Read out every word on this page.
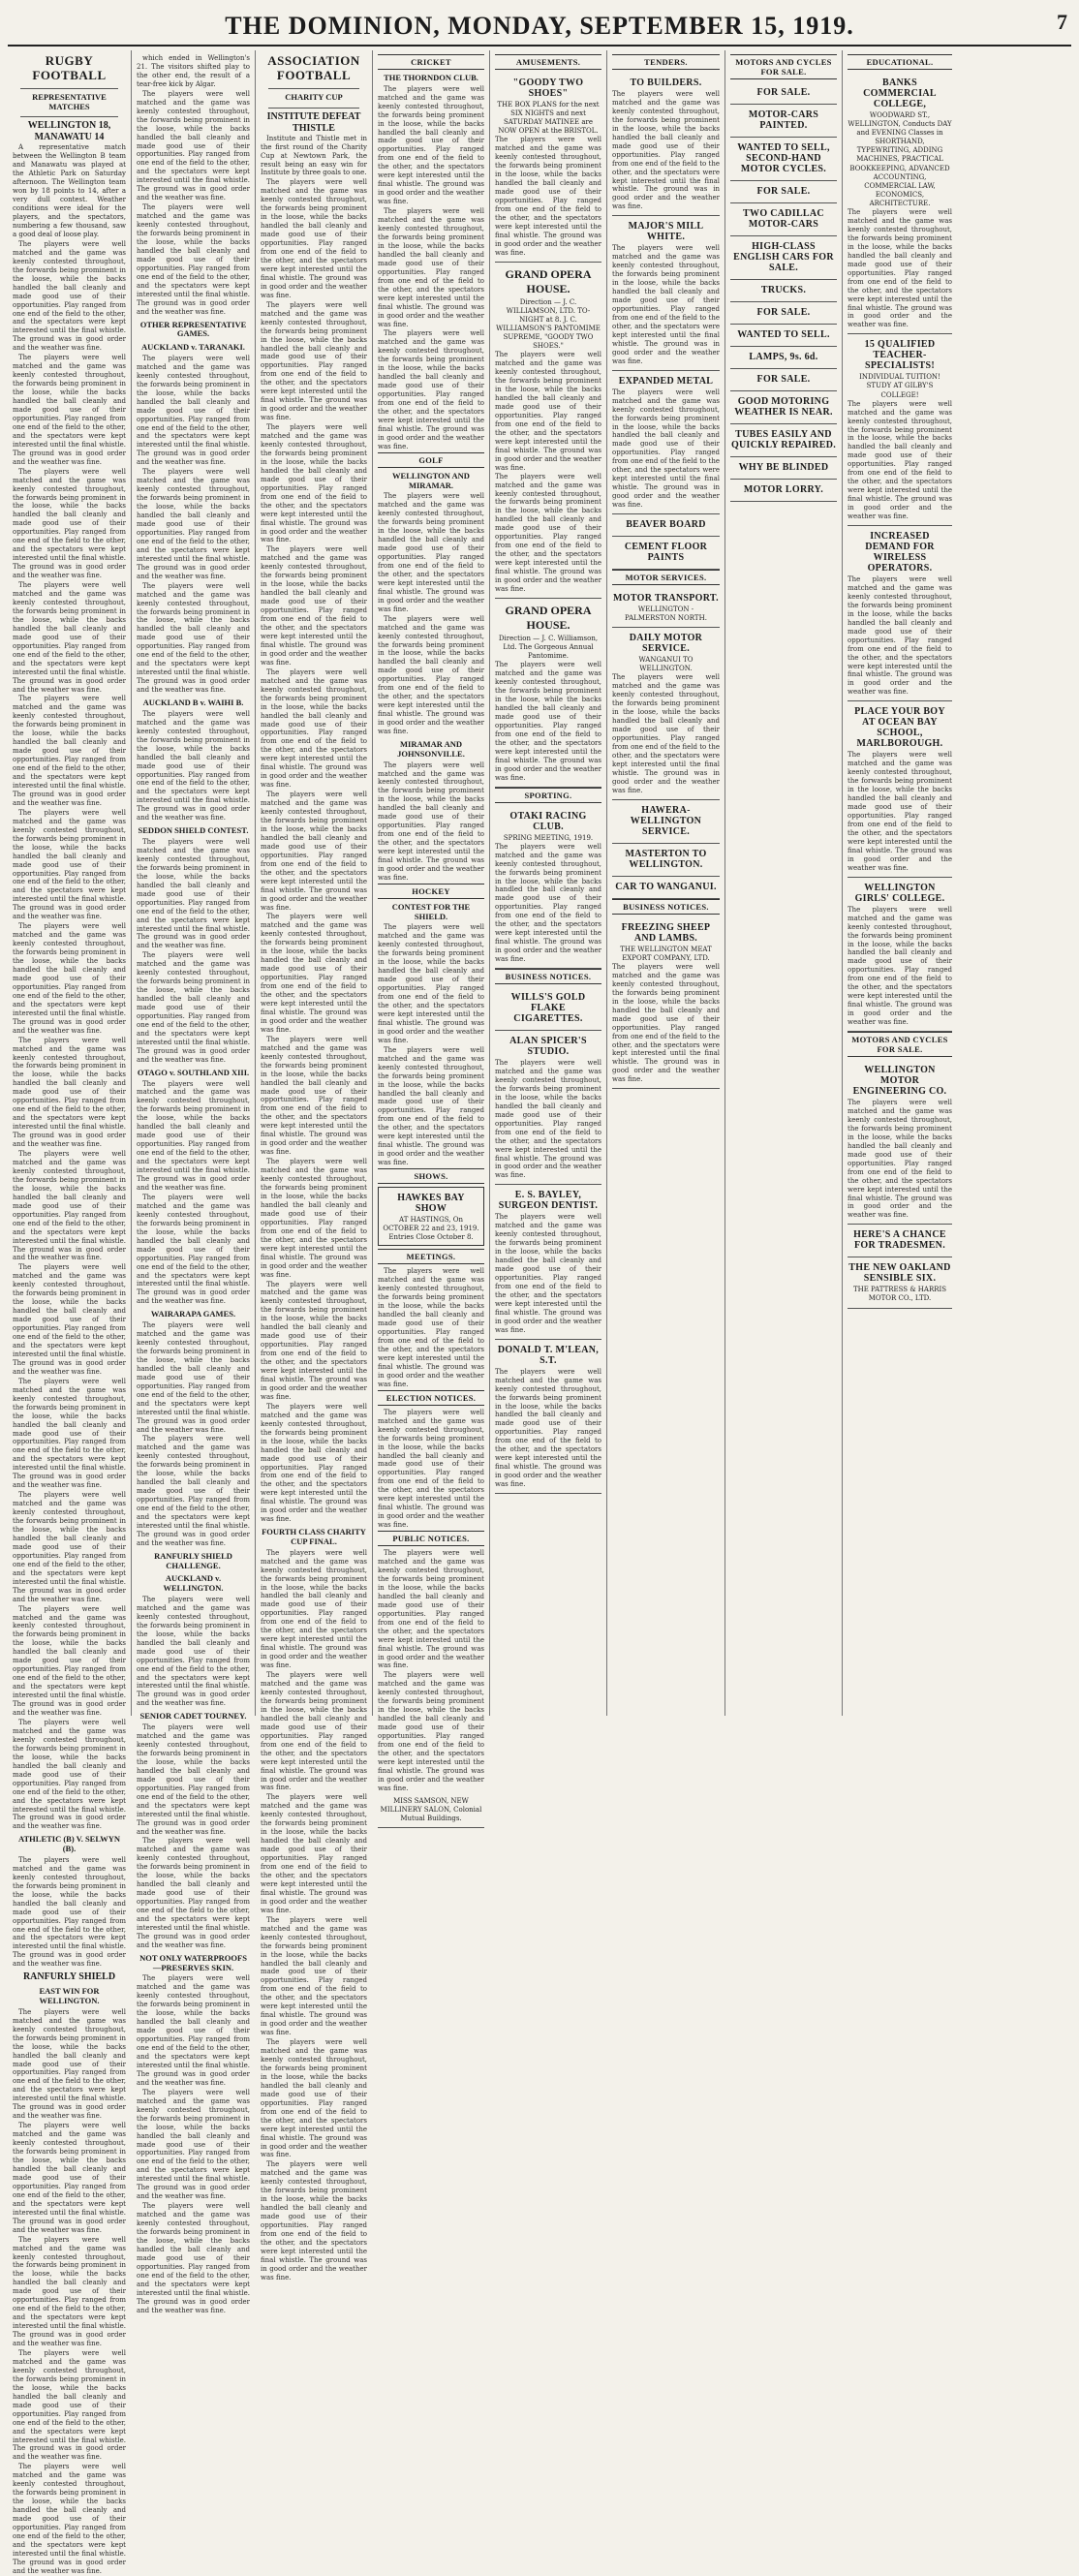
THE DOMINION, MONDAY, SEPTEMBER 15, 1919.	7
RUGBY FOOTBALL
REPRESENTATIVE MATCHES
WELLINGTON 18, MANAWATU 14

A representative match between the Wellington B team and Manawatu was played at the Athletic Park on Saturday afternoon. The Wellington team won by 18 points to 14, after a very dull contest. Weather conditions were ideal for the players, and the spectators, numbering a few thousand, saw a good deal of loose play.

The players were well matched and the game was keenly contested throughout, the forwards being prominent in the loose, while the backs handled the ball cleanly and made good use of their opportunities. Play ranged from one end of the field to the other, and the spectators were kept interested until the final whistle. The ground was in good order and the weather was fine.

The players were well matched and the game was keenly contested throughout, the forwards being prominent in the loose, while the backs handled the ball cleanly and made good use of their opportunities. Play ranged from one end of the field to the other, and the spectators were kept interested until the final whistle. The ground was in good order and the weather was fine.

The players were well matched and the game was keenly contested throughout, the forwards being prominent in the loose, while the backs handled the ball cleanly and made good use of their opportunities. Play ranged from one end of the field to the other, and the spectators were kept interested until the final whistle. The ground was in good order and the weather was fine.

The players were well matched and the game was keenly contested throughout, the forwards being prominent in the loose, while the backs handled the ball cleanly and made good use of their opportunities. Play ranged from one end of the field to the other, and the spectators were kept interested until the final whistle. The ground was in good order and the weather was fine.

The players were well matched and the game was keenly contested throughout, the forwards being prominent in the loose, while the backs handled the ball cleanly and made good use of their opportunities. Play ranged from one end of the field to the other, and the spectators were kept interested until the final whistle. The ground was in good order and the weather was fine.

The players were well matched and the game was keenly contested throughout, the forwards being prominent in the loose, while the backs handled the ball cleanly and made good use of their opportunities. Play ranged from one end of the field to the other, and the spectators were kept interested until the final whistle. The ground was in good order and the weather was fine.

The players were well matched and the game was keenly contested throughout, the forwards being prominent in the loose, while the backs handled the ball cleanly and made good use of their opportunities. Play ranged from one end of the field to the other, and the spectators were kept interested until the final whistle. The ground was in good order and the weather was fine.

The players were well matched and the game was keenly contested throughout, the forwards being prominent in the loose, while the backs handled the ball cleanly and made good use of their opportunities. Play ranged from one end of the field to the other, and the spectators were kept interested until the final whistle. The ground was in good order and the weather was fine.

The players were well matched and the game was keenly contested throughout, the forwards being prominent in the loose, while the backs handled the ball cleanly and made good use of their opportunities. Play ranged from one end of the field to the other, and the spectators were kept interested until the final whistle. The ground was in good order and the weather was fine.

The players were well matched and the game was keenly contested throughout, the forwards being prominent in the loose, while the backs handled the ball cleanly and made good use of their opportunities. Play ranged from one end of the field to the other, and the spectators were kept interested until the final whistle. The ground was in good order and the weather was fine.

The players were well matched and the game was keenly contested throughout, the forwards being prominent in the loose, while the backs handled the ball cleanly and made good use of their opportunities. Play ranged from one end of the field to the other, and the spectators were kept interested until the final whistle. The ground was in good order and the weather was fine.

The players were well matched and the game was keenly contested throughout, the forwards being prominent in the loose, while the backs handled the ball cleanly and made good use of their opportunities. Play ranged from one end of the field to the other, and the spectators were kept interested until the final whistle. The ground was in good order and the weather was fine.

The players were well matched and the game was keenly contested throughout, the forwards being prominent in the loose, while the backs handled the ball cleanly and made good use of their opportunities. Play ranged from one end of the field to the other, and the spectators were kept interested until the final whistle. The ground was in good order and the weather was fine.

The players were well matched and the game was keenly contested throughout, the forwards being prominent in the loose, while the backs handled the ball cleanly and made good use of their opportunities. Play ranged from one end of the field to the other, and the spectators were kept interested until the final whistle. The ground was in good order and the weather was fine.

ATHLETIC (B) V. SELWYN (B).

The players were well matched and the game was keenly contested throughout, the forwards being prominent in the loose, while the backs handled the ball cleanly and made good use of their opportunities. Play ranged from one end of the field to the other, and the spectators were kept interested until the final whistle. The ground was in good order and the weather was fine.

RANFURLY SHIELD
EAST WIN FOR WELLINGTON.

The players were well matched and the game was keenly contested throughout, the forwards being prominent in the loose, while the backs handled the ball cleanly and made good use of their opportunities. Play ranged from one end of the field to the other, and the spectators were kept interested until the final whistle. The ground was in good order and the weather was fine.

The players were well matched and the game was keenly contested throughout, the forwards being prominent in the loose, while the backs handled the ball cleanly and made good use of their opportunities. Play ranged from one end of the field to the other, and the spectators were kept interested until the final whistle. The ground was in good order and the weather was fine.

The players were well matched and the game was keenly contested throughout, the forwards being prominent in the loose, while the backs handled the ball cleanly and made good use of their opportunities. Play ranged from one end of the field to the other, and the spectators were kept interested until the final whistle. The ground was in good order and the weather was fine.

The players were well matched and the game was keenly contested throughout, the forwards being prominent in the loose, while the backs handled the ball cleanly and made good use of their opportunities. Play ranged from one end of the field to the other, and the spectators were kept interested until the final whistle. The ground was in good order and the weather was fine.

The players were well matched and the game was keenly contested throughout, the forwards being prominent in the loose, while the backs handled the ball cleanly and made good use of their opportunities. Play ranged from one end of the field to the other, and the spectators were kept interested until the final whistle. The ground was in good order and the weather was fine.

which ended in Wellington's 21. The visitors shifted play to the other end, the result of a tear-free kick by Algar.

The players were well matched and the game was keenly contested throughout, the forwards being prominent in the loose, while the backs handled the ball cleanly and made good use of their opportunities. Play ranged from one end of the field to the other, and the spectators were kept interested until the final whistle. The ground was in good order and the weather was fine.

The players were well matched and the game was keenly contested throughout, the forwards being prominent in the loose, while the backs handled the ball cleanly and made good use of their opportunities. Play ranged from one end of the field to the other, and the spectators were kept interested until the final whistle. The ground was in good order and the weather was fine.

OTHER REPRESENTATIVE GAMES.
AUCKLAND v. TARANAKI.

The players were well matched and the game was keenly contested throughout, the forwards being prominent in the loose, while the backs handled the ball cleanly and made good use of their opportunities. Play ranged from one end of the field to the other, and the spectators were kept interested until the final whistle. The ground was in good order and the weather was fine.

The players were well matched and the game was keenly contested throughout, the forwards being prominent in the loose, while the backs handled the ball cleanly and made good use of their opportunities. Play ranged from one end of the field to the other, and the spectators were kept interested until the final whistle. The ground was in good order and the weather was fine.

The players were well matched and the game was keenly contested throughout, the forwards being prominent in the loose, while the backs handled the ball cleanly and made good use of their opportunities. Play ranged from one end of the field to the other, and the spectators were kept interested until the final whistle. The ground was in good order and the weather was fine.

AUCKLAND B v. WAIHI B.

The players were well matched and the game was keenly contested throughout, the forwards being prominent in the loose, while the backs handled the ball cleanly and made good use of their opportunities. Play ranged from one end of the field to the other, and the spectators were kept interested until the final whistle. The ground was in good order and the weather was fine.

SEDDON SHIELD CONTEST.

The players were well matched and the game was keenly contested throughout, the forwards being prominent in the loose, while the backs handled the ball cleanly and made good use of their opportunities. Play ranged from one end of the field to the other, and the spectators were kept interested until the final whistle. The ground was in good order and the weather was fine.

The players were well matched and the game was keenly contested throughout, the forwards being prominent in the loose, while the backs handled the ball cleanly and made good use of their opportunities. Play ranged from one end of the field to the other, and the spectators were kept interested until the final whistle. The ground was in good order and the weather was fine.

OTAGO v. SOUTHLAND XIII.

The players were well matched and the game was keenly contested throughout, the forwards being prominent in the loose, while the backs handled the ball cleanly and made good use of their opportunities. Play ranged from one end of the field to the other, and the spectators were kept interested until the final whistle. The ground was in good order and the weather was fine.

The players were well matched and the game was keenly contested throughout, the forwards being prominent in the loose, while the backs handled the ball cleanly and made good use of their opportunities. Play ranged from one end of the field to the other, and the spectators were kept interested until the final whistle. The ground was in good order and the weather was fine.

WAIRARAPA GAMES.

The players were well matched and the game was keenly contested throughout, the forwards being prominent in the loose, while the backs handled the ball cleanly and made good use of their opportunities. Play ranged from one end of the field to the other, and the spectators were kept interested until the final whistle. The ground was in good order and the weather was fine.

The players were well matched and the game was keenly contested throughout, the forwards being prominent in the loose, while the backs handled the ball cleanly and made good use of their opportunities. Play ranged from one end of the field to the other, and the spectators were kept interested until the final whistle. The ground was in good order and the weather was fine.

RANFURLY SHIELD CHALLENGE.
AUCKLAND v. WELLINGTON.

The players were well matched and the game was keenly contested throughout, the forwards being prominent in the loose, while the backs handled the ball cleanly and made good use of their opportunities. Play ranged from one end of the field to the other, and the spectators were kept interested until the final whistle. The ground was in good order and the weather was fine.

SENIOR CADET TOURNEY.

The players were well matched and the game was keenly contested throughout, the forwards being prominent in the loose, while the backs handled the ball cleanly and made good use of their opportunities. Play ranged from one end of the field to the other, and the spectators were kept interested until the final whistle. The ground was in good order and the weather was fine.

The players were well matched and the game was keenly contested throughout, the forwards being prominent in the loose, while the backs handled the ball cleanly and made good use of their opportunities. Play ranged from one end of the field to the other, and the spectators were kept interested until the final whistle. The ground was in good order and the weather was fine.

NOT ONLY WATERPROOFS—PRESERVES SKIN.

The players were well matched and the game was keenly contested throughout, the forwards being prominent in the loose, while the backs handled the ball cleanly and made good use of their opportunities. Play ranged from one end of the field to the other, and the spectators were kept interested until the final whistle. The ground was in good order and the weather was fine.

The players were well matched and the game was keenly contested throughout, the forwards being prominent in the loose, while the backs handled the ball cleanly and made good use of their opportunities. Play ranged from one end of the field to the other, and the spectators were kept interested until the final whistle. The ground was in good order and the weather was fine.

The players were well matched and the game was keenly contested throughout, the forwards being prominent in the loose, while the backs handled the ball cleanly and made good use of their opportunities. Play ranged from one end of the field to the other, and the spectators were kept interested until the final whistle. The ground was in good order and the weather was fine.

ASSOCIATION FOOTBALL
CHARITY CUP
INSTITUTE DEFEAT THISTLE

Institute and Thistle met in the first round of the Charity Cup at Newtown Park, the result being an easy win for Institute by three goals to one.

The players were well matched and the game was keenly contested throughout, the forwards being prominent in the loose, while the backs handled the ball cleanly and made good use of their opportunities. Play ranged from one end of the field to the other, and the spectators were kept interested until the final whistle. The ground was in good order and the weather was fine.

The players were well matched and the game was keenly contested throughout, the forwards being prominent in the loose, while the backs handled the ball cleanly and made good use of their opportunities. Play ranged from one end of the field to the other, and the spectators were kept interested until the final whistle. The ground was in good order and the weather was fine.

The players were well matched and the game was keenly contested throughout, the forwards being prominent in the loose, while the backs handled the ball cleanly and made good use of their opportunities. Play ranged from one end of the field to the other, and the spectators were kept interested until the final whistle. The ground was in good order and the weather was fine.

The players were well matched and the game was keenly contested throughout, the forwards being prominent in the loose, while the backs handled the ball cleanly and made good use of their opportunities. Play ranged from one end of the field to the other, and the spectators were kept interested until the final whistle. The ground was in good order and the weather was fine.

The players were well matched and the game was keenly contested throughout, the forwards being prominent in the loose, while the backs handled the ball cleanly and made good use of their opportunities. Play ranged from one end of the field to the other, and the spectators were kept interested until the final whistle. The ground was in good order and the weather was fine.

The players were well matched and the game was keenly contested throughout, the forwards being prominent in the loose, while the backs handled the ball cleanly and made good use of their opportunities. Play ranged from one end of the field to the other, and the spectators were kept interested until the final whistle. The ground was in good order and the weather was fine.

The players were well matched and the game was keenly contested throughout, the forwards being prominent in the loose, while the backs handled the ball cleanly and made good use of their opportunities. Play ranged from one end of the field to the other, and the spectators were kept interested until the final whistle. The ground was in good order and the weather was fine.

The players were well matched and the game was keenly contested throughout, the forwards being prominent in the loose, while the backs handled the ball cleanly and made good use of their opportunities. Play ranged from one end of the field to the other, and the spectators were kept interested until the final whistle. The ground was in good order and the weather was fine.

The players were well matched and the game was keenly contested throughout, the forwards being prominent in the loose, while the backs handled the ball cleanly and made good use of their opportunities. Play ranged from one end of the field to the other, and the spectators were kept interested until the final whistle. The ground was in good order and the weather was fine.

The players were well matched and the game was keenly contested throughout, the forwards being prominent in the loose, while the backs handled the ball cleanly and made good use of their opportunities. Play ranged from one end of the field to the other, and the spectators were kept interested until the final whistle. The ground was in good order and the weather was fine.

The players were well matched and the game was keenly contested throughout, the forwards being prominent in the loose, while the backs handled the ball cleanly and made good use of their opportunities. Play ranged from one end of the field to the other, and the spectators were kept interested until the final whistle. The ground was in good order and the weather was fine.

FOURTH CLASS CHARITY CUP FINAL.

The players were well matched and the game was keenly contested throughout, the forwards being prominent in the loose, while the backs handled the ball cleanly and made good use of their opportunities. Play ranged from one end of the field to the other, and the spectators were kept interested until the final whistle. The ground was in good order and the weather was fine.

The players were well matched and the game was keenly contested throughout, the forwards being prominent in the loose, while the backs handled the ball cleanly and made good use of their opportunities. Play ranged from one end of the field to the other, and the spectators were kept interested until the final whistle. The ground was in good order and the weather was fine.

The players were well matched and the game was keenly contested throughout, the forwards being prominent in the loose, while the backs handled the ball cleanly and made good use of their opportunities. Play ranged from one end of the field to the other, and the spectators were kept interested until the final whistle. The ground was in good order and the weather was fine.

The players were well matched and the game was keenly contested throughout, the forwards being prominent in the loose, while the backs handled the ball cleanly and made good use of their opportunities. Play ranged from one end of the field to the other, and the spectators were kept interested until the final whistle. The ground was in good order and the weather was fine.

The players were well matched and the game was keenly contested throughout, the forwards being prominent in the loose, while the backs handled the ball cleanly and made good use of their opportunities. Play ranged from one end of the field to the other, and the spectators were kept interested until the final whistle. The ground was in good order and the weather was fine.

The players were well matched and the game was keenly contested throughout, the forwards being prominent in the loose, while the backs handled the ball cleanly and made good use of their opportunities. Play ranged from one end of the field to the other, and the spectators were kept interested until the final whistle. The ground was in good order and the weather was fine.

CRICKET
THE THORNDON CLUB.

The players were well matched and the game was keenly contested throughout, the forwards being prominent in the loose, while the backs handled the ball cleanly and made good use of their opportunities. Play ranged from one end of the field to the other, and the spectators were kept interested until the final whistle. The ground was in good order and the weather was fine.

The players were well matched and the game was keenly contested throughout, the forwards being prominent in the loose, while the backs handled the ball cleanly and made good use of their opportunities. Play ranged from one end of the field to the other, and the spectators were kept interested until the final whistle. The ground was in good order and the weather was fine.

The players were well matched and the game was keenly contested throughout, the forwards being prominent in the loose, while the backs handled the ball cleanly and made good use of their opportunities. Play ranged from one end of the field to the other, and the spectators were kept interested until the final whistle. The ground was in good order and the weather was fine.

GOLF
WELLINGTON AND MIRAMAR.

The players were well matched and the game was keenly contested throughout, the forwards being prominent in the loose, while the backs handled the ball cleanly and made good use of their opportunities. Play ranged from one end of the field to the other, and the spectators were kept interested until the final whistle. The ground was in good order and the weather was fine.

The players were well matched and the game was keenly contested throughout, the forwards being prominent in the loose, while the backs handled the ball cleanly and made good use of their opportunities. Play ranged from one end of the field to the other, and the spectators were kept interested until the final whistle. The ground was in good order and the weather was fine.

MIRAMAR AND JOHNSONVILLE.

The players were well matched and the game was keenly contested throughout, the forwards being prominent in the loose, while the backs handled the ball cleanly and made good use of their opportunities. Play ranged from one end of the field to the other, and the spectators were kept interested until the final whistle. The ground was in good order and the weather was fine.

HOCKEY
CONTEST FOR THE SHIELD.

The players were well matched and the game was keenly contested throughout, the forwards being prominent in the loose, while the backs handled the ball cleanly and made good use of their opportunities. Play ranged from one end of the field to the other, and the spectators were kept interested until the final whistle. The ground was in good order and the weather was fine.

The players were well matched and the game was keenly contested throughout, the forwards being prominent in the loose, while the backs handled the ball cleanly and made good use of their opportunities. Play ranged from one end of the field to the other, and the spectators were kept interested until the final whistle. The ground was in good order and the weather was fine.

SHOWS.
HAWKES BAY SHOW
AT HASTINGS, On OCTOBER 22 and 23, 1919. Entries Close October 8.
MEETINGS.

The players were well matched and the game was keenly contested throughout, the forwards being prominent in the loose, while the backs handled the ball cleanly and made good use of their opportunities. Play ranged from one end of the field to the other, and the spectators were kept interested until the final whistle. The ground was in good order and the weather was fine.

ELECTION NOTICES.

The players were well matched and the game was keenly contested throughout, the forwards being prominent in the loose, while the backs handled the ball cleanly and made good use of their opportunities. Play ranged from one end of the field to the other, and the spectators were kept interested until the final whistle. The ground was in good order and the weather was fine.

PUBLIC NOTICES.

The players were well matched and the game was keenly contested throughout, the forwards being prominent in the loose, while the backs handled the ball cleanly and made good use of their opportunities. Play ranged from one end of the field to the other, and the spectators were kept interested until the final whistle. The ground was in good order and the weather was fine.

The players were well matched and the game was keenly contested throughout, the forwards being prominent in the loose, while the backs handled the ball cleanly and made good use of their opportunities. Play ranged from one end of the field to the other, and the spectators were kept interested until the final whistle. The ground was in good order and the weather was fine.

MISS SAMSON, NEW MILLINERY SALON, Colonial Mutual Buildings.
AMUSEMENTS.
"GOODY TWO SHOES"
THE BOX PLANS for the next SIX NIGHTS and next SATURDAY MATINEE are NOW OPEN at the BRISTOL.
The players were well matched and the game was keenly contested throughout, the forwards being prominent in the loose, while the backs handled the ball cleanly and made good use of their opportunities. Play ranged from one end of the field to the other, and the spectators were kept interested until the final whistle. The ground was in good order and the weather was fine.
GRAND OPERA HOUSE.
Direction — J. C. WILLIAMSON, LTD. TO-NIGHT at 8. J. C. WILLIAMSON'S PANTOMIME SUPREME, "GOODY TWO SHOES."
The players were well matched and the game was keenly contested throughout, the forwards being prominent in the loose, while the backs handled the ball cleanly and made good use of their opportunities. Play ranged from one end of the field to the other, and the spectators were kept interested until the final whistle. The ground was in good order and the weather was fine.
The players were well matched and the game was keenly contested throughout, the forwards being prominent in the loose, while the backs handled the ball cleanly and made good use of their opportunities. Play ranged from one end of the field to the other, and the spectators were kept interested until the final whistle. The ground was in good order and the weather was fine.
GRAND OPERA HOUSE.
Direction — J. C. Williamson, Ltd. The Gorgeous Annual Pantomime.
The players were well matched and the game was keenly contested throughout, the forwards being prominent in the loose, while the backs handled the ball cleanly and made good use of their opportunities. Play ranged from one end of the field to the other, and the spectators were kept interested until the final whistle. The ground was in good order and the weather was fine.
SPORTING.
OTAKI RACING CLUB.
SPRING MEETING, 1919.
The players were well matched and the game was keenly contested throughout, the forwards being prominent in the loose, while the backs handled the ball cleanly and made good use of their opportunities. Play ranged from one end of the field to the other, and the spectators were kept interested until the final whistle. The ground was in good order and the weather was fine.
BUSINESS NOTICES.
WILLS'S GOLD FLAKE CIGARETTES.
ALAN SPICER'S STUDIO.
The players were well matched and the game was keenly contested throughout, the forwards being prominent in the loose, while the backs handled the ball cleanly and made good use of their opportunities. Play ranged from one end of the field to the other, and the spectators were kept interested until the final whistle. The ground was in good order and the weather was fine.
E. S. BAYLEY, SURGEON DENTIST.
The players were well matched and the game was keenly contested throughout, the forwards being prominent in the loose, while the backs handled the ball cleanly and made good use of their opportunities. Play ranged from one end of the field to the other, and the spectators were kept interested until the final whistle. The ground was in good order and the weather was fine.
DONALD T. M'LEAN, S.T.
The players were well matched and the game was keenly contested throughout, the forwards being prominent in the loose, while the backs handled the ball cleanly and made good use of their opportunities. Play ranged from one end of the field to the other, and the spectators were kept interested until the final whistle. The ground was in good order and the weather was fine.
TENDERS.
TO BUILDERS.
The players were well matched and the game was keenly contested throughout, the forwards being prominent in the loose, while the backs handled the ball cleanly and made good use of their opportunities. Play ranged from one end of the field to the other, and the spectators were kept interested until the final whistle. The ground was in good order and the weather was fine.
MAJOR'S MILL WHITE.
The players were well matched and the game was keenly contested throughout, the forwards being prominent in the loose, while the backs handled the ball cleanly and made good use of their opportunities. Play ranged from one end of the field to the other, and the spectators were kept interested until the final whistle. The ground was in good order and the weather was fine.
EXPANDED METAL
The players were well matched and the game was keenly contested throughout, the forwards being prominent in the loose, while the backs handled the ball cleanly and made good use of their opportunities. Play ranged from one end of the field to the other, and the spectators were kept interested until the final whistle. The ground was in good order and the weather was fine.
BEAVER BOARD
CEMENT FLOOR PAINTS
MOTOR SERVICES.
MOTOR TRANSPORT.
WELLINGTON - PALMERSTON NORTH.
DAILY MOTOR SERVICE.
WANGANUI TO WELLINGTON.
The players were well matched and the game was keenly contested throughout, the forwards being prominent in the loose, while the backs handled the ball cleanly and made good use of their opportunities. Play ranged from one end of the field to the other, and the spectators were kept interested until the final whistle. The ground was in good order and the weather was fine.
HAWERA-WELLINGTON SERVICE.
MASTERTON TO WELLINGTON.
CAR TO WANGANUI.
BUSINESS NOTICES.
FREEZING SHEEP AND LAMBS.
THE WELLINGTON MEAT EXPORT COMPANY, LTD.
The players were well matched and the game was keenly contested throughout, the forwards being prominent in the loose, while the backs handled the ball cleanly and made good use of their opportunities. Play ranged from one end of the field to the other, and the spectators were kept interested until the final whistle. The ground was in good order and the weather was fine.
MOTORS AND CYCLES FOR SALE.
FOR SALE.
MOTOR-CARS PAINTED.
WANTED TO SELL, SECOND-HAND MOTOR CYCLES.
FOR SALE.
TWO CADILLAC MOTOR-CARS
HIGH-CLASS ENGLISH CARS FOR SALE.
TRUCKS.
FOR SALE.
WANTED TO SELL.
LAMPS, 9s. 6d.
FOR SALE.
GOOD MOTORING WEATHER IS NEAR.
TUBES EASILY AND QUICKLY REPAIRED.
WHY BE BLINDED
MOTOR LORRY.
EDUCATIONAL.
BANKS COMMERCIAL COLLEGE,
WOODWARD ST., WELLINGTON, Conducts DAY and EVENING Classes in SHORTHAND, TYPEWRITING, ADDING MACHINES, PRACTICAL BOOKKEEPING, ADVANCED ACCOUNTING, COMMERCIAL LAW, ECONOMICS, ARCHITECTURE.
The players were well matched and the game was keenly contested throughout, the forwards being prominent in the loose, while the backs handled the ball cleanly and made good use of their opportunities. Play ranged from one end of the field to the other, and the spectators were kept interested until the final whistle. The ground was in good order and the weather was fine.
15 QUALIFIED TEACHER-SPECIALISTS!
INDIVIDUAL TUITION!
STUDY AT GILBY'S COLLEGE!
The players were well matched and the game was keenly contested throughout, the forwards being prominent in the loose, while the backs handled the ball cleanly and made good use of their opportunities. Play ranged from one end of the field to the other, and the spectators were kept interested until the final whistle. The ground was in good order and the weather was fine.
INCREASED DEMAND FOR WIRELESS OPERATORS.
The players were well matched and the game was keenly contested throughout, the forwards being prominent in the loose, while the backs handled the ball cleanly and made good use of their opportunities. Play ranged from one end of the field to the other, and the spectators were kept interested until the final whistle. The ground was in good order and the weather was fine.
PLACE YOUR BOY AT OCEAN BAY SCHOOL, MARLBOROUGH.
The players were well matched and the game was keenly contested throughout, the forwards being prominent in the loose, while the backs handled the ball cleanly and made good use of their opportunities. Play ranged from one end of the field to the other, and the spectators were kept interested until the final whistle. The ground was in good order and the weather was fine.
WELLINGTON GIRLS' COLLEGE.
The players were well matched and the game was keenly contested throughout, the forwards being prominent in the loose, while the backs handled the ball cleanly and made good use of their opportunities. Play ranged from one end of the field to the other, and the spectators were kept interested until the final whistle. The ground was in good order and the weather was fine.
MOTORS AND CYCLES FOR SALE.
WELLINGTON MOTOR ENGINEERING CO.
The players were well matched and the game was keenly contested throughout, the forwards being prominent in the loose, while the backs handled the ball cleanly and made good use of their opportunities. Play ranged from one end of the field to the other, and the spectators were kept interested until the final whistle. The ground was in good order and the weather was fine.
HERE'S A CHANCE FOR TRADESMEN.
THE NEW OAKLAND SENSIBLE SIX.
THE PATTRESS & HARRIS MOTOR CO., LTD.
